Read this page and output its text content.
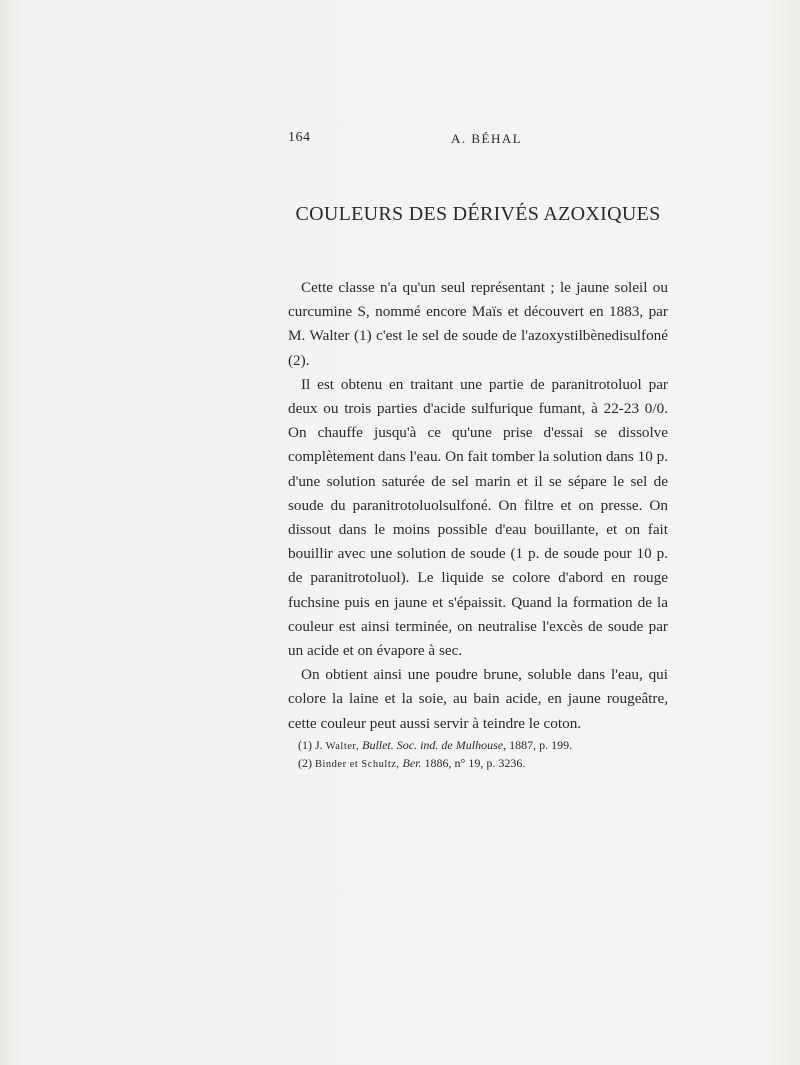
164	A. BÉHAL
COULEURS DES DÉRIVÉS AZOXIQUES

Cette classe n'a qu'un seul représentant ; le jaune soleil ou curcumine S, nommé encore Maïs et découvert en 1883, par M. Walter (1) c'est le sel de soude de l'azoxystilbènedisulfoné (2).

Il est obtenu en traitant une partie de paranitrotoluol par deux ou trois parties d'acide sulfurique fumant, à 22-23 0/0. On chauffe jusqu'à ce qu'une prise d'essai se dissolve complètement dans l'eau. On fait tomber la solution dans 10 p. d'une solution saturée de sel marin et il se sépare le sel de soude du paranitrotoluolsulfoné. On filtre et on presse. On dissout dans le moins possible d'eau bouillante, et on fait bouillir avec une solution de soude (1 p. de soude pour 10 p. de paranitrotoluol). Le liquide se colore d'abord en rouge fuchsine puis en jaune et s'épaissit. Quand la formation de la couleur est ainsi terminée, on neutralise l'excès de soude par un acide et on évapore à sec.

On obtient ainsi une poudre brune, soluble dans l'eau, qui colore la laine et la soie, au bain acide, en jaune rougeâtre, cette couleur peut aussi servir à teindre le coton.

(1) J. Walter, Bullet. Soc. ind. de Mulhouse, 1887, p. 199.
(2) Binder et Schultz, Ber. 1886, n° 19, p. 3236.
